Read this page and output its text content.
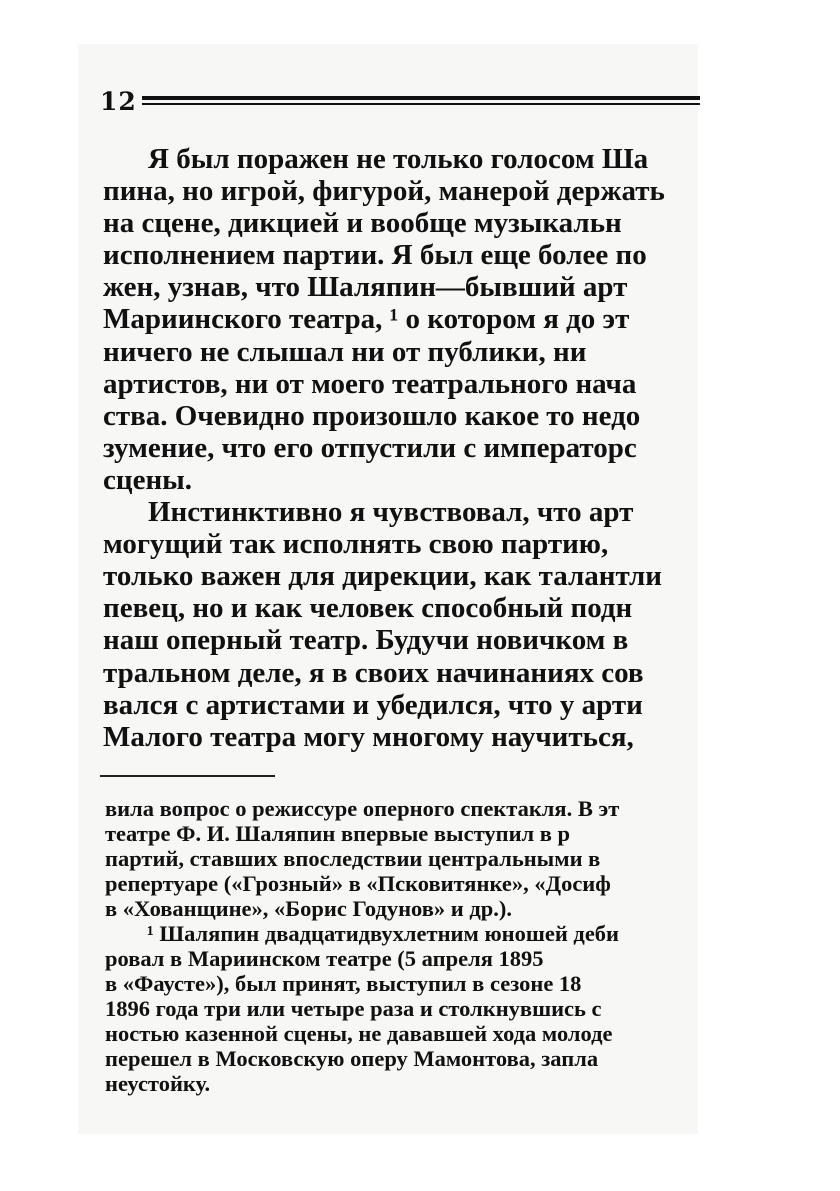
12
Я был поражен не только голосом Ша
пина, но игрой, фигурой, манерой держать
на сцене, дикцией и вообще музыкальн
исполнением партии. Я был еще более по
жен, узнав, что Шаляпин—бывший арт
Мариинского театра, ¹ о котором я до эт
ничего не слышал ни от публики, ни
артистов, ни от моего театрального нача
ства. Очевидно произошло какое то недо
зумение, что его отпустили с императорс
сцены.
Инстинктивно я чувствовал, что арт
могущий так исполнять свою партию,
только важен для дирекции, как талантли
певец, но и как человек способный подн
наш оперный театр. Будучи новичком в
тральном деле, я в своих начинаниях сов
вался с артистами и убедился, что у арти
Малого театра могу многому научиться,
вила вопрос о режиссуре оперного спектакля. В эт
театре Ф. И. Шаляпин впервые выступил в р
партий, ставших впоследствии центральными в
репертуаре («Грозный» в «Псковитянке», «Досиф
в «Хованщине», «Борис Годунов» и др.).
¹ Шаляпин двадцатидвухлетним юношей деби
ровал в Мариинском театре (5 апреля 1895
в «Фаусте»), был принят, выступил в сезоне 18
1896 года три или четыре раза и столкнувшись с
ностью казенной сцены, не дававшей хода молоде
перешел в Московскую оперу Мамонтова, запла
неустойку.
